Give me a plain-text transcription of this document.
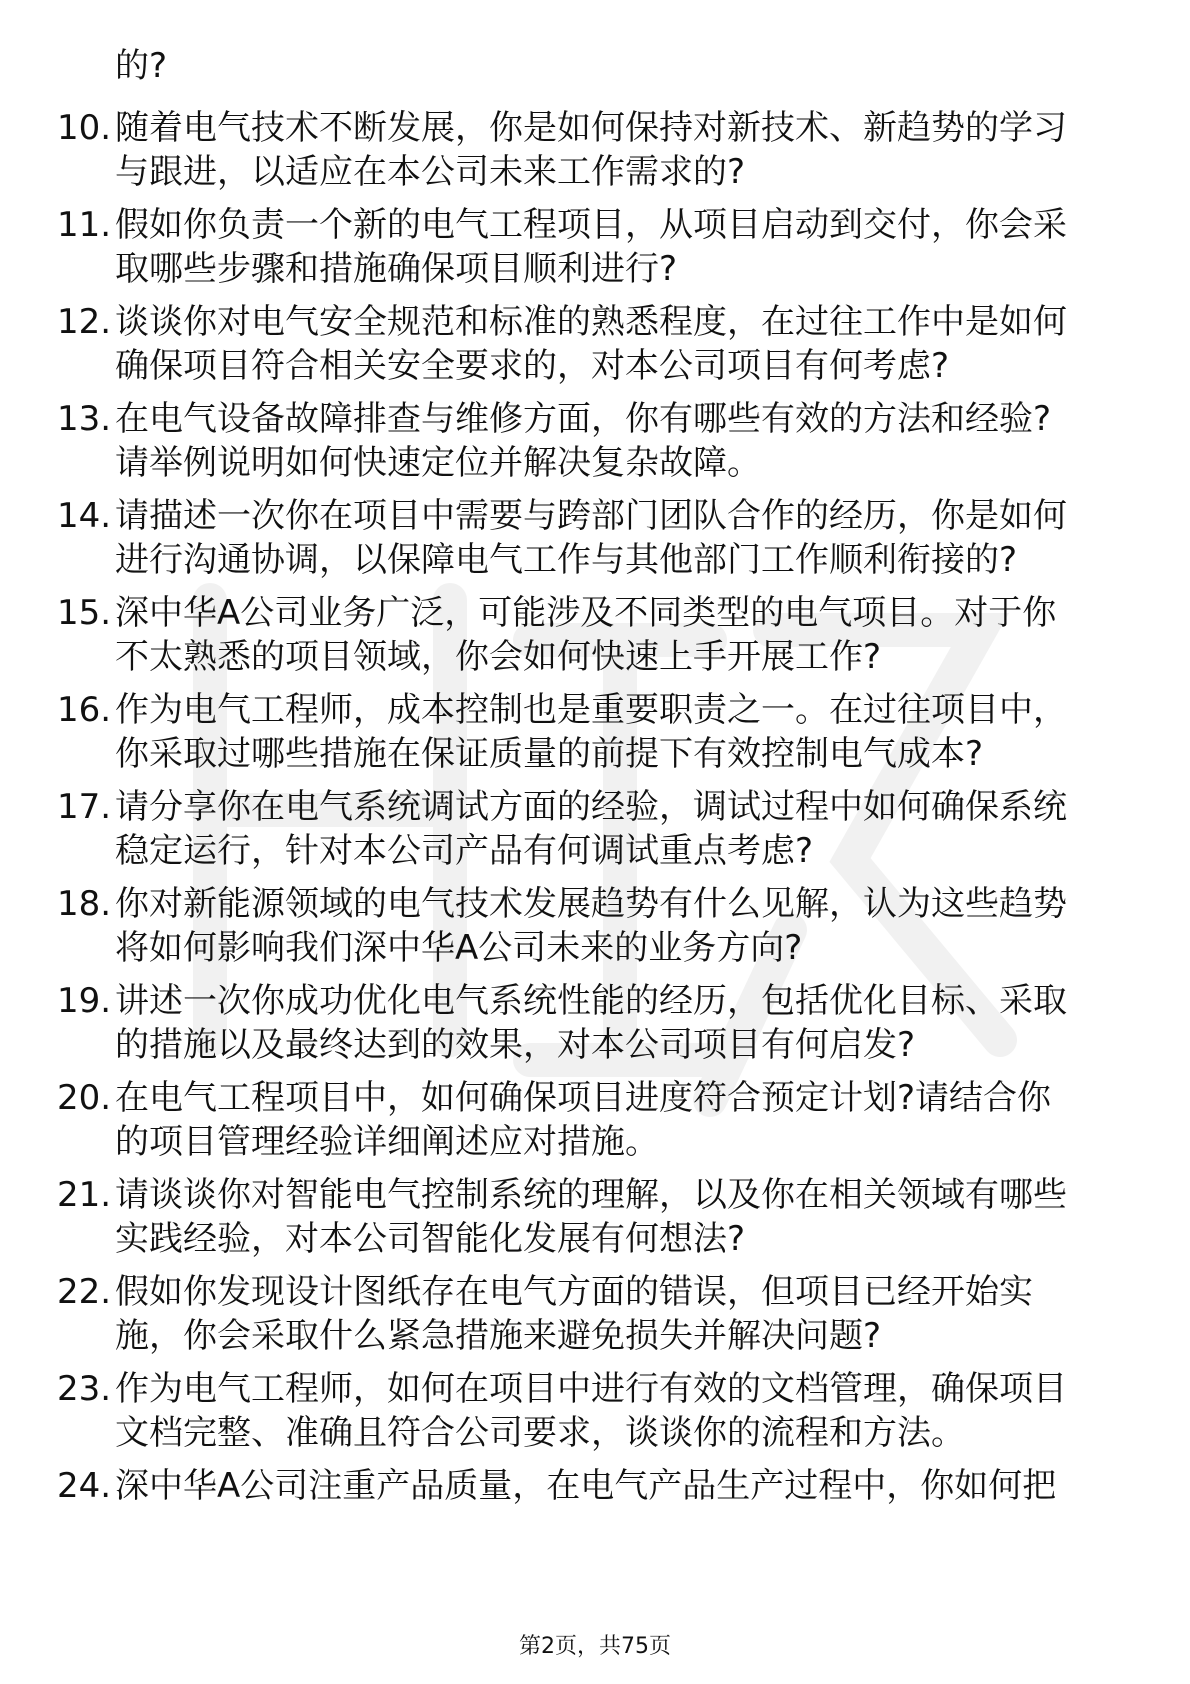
的?
10. 随着电气技术不断发展，你是如何保持对新技术、新趋势的学习
与跟进，以适应在本公司未来工作需求的?
11. 假如你负责一个新的电气工程项目，从项目启动到交付，你会采
取哪些步骤和措施确保项目顺利进行?
12. 谈谈你对电气安全规范和标准的熟悉程度，在过往工作中是如何
确保项目符合相关安全要求的，对本公司项目有何考虑?
13. 在电气设备故障排查与维修方面，你有哪些有效的方法和经验?
请举例说明如何快速定位并解决复杂故障。
14. 请描述一次你在项目中需要与跨部门团队合作的经历，你是如何
进行沟通协调，以保障电气工作与其他部门工作顺利衔接的?
15. 深中华A公司业务广泛，可能涉及不同类型的电气项目。对于你
不太熟悉的项目领域，你会如何快速上手开展工作?
16. 作为电气工程师，成本控制也是重要职责之一。在过往项目中，
你采取过哪些措施在保证质量的前提下有效控制电气成本?
17. 请分享你在电气系统调试方面的经验，调试过程中如何确保系统
稳定运行，针对本公司产品有何调试重点考虑?
18. 你对新能源领域的电气技术发展趋势有什么见解，认为这些趋势
将如何影响我们深中华A公司未来的业务方向?
19. 讲述一次你成功优化电气系统性能的经历，包括优化目标、采取
的措施以及最终达到的效果，对本公司项目有何启发?
20. 在电气工程项目中，如何确保项目进度符合预定计划?请结合你
的项目管理经验详细阐述应对措施。
21. 请谈谈你对智能电气控制系统的理解，以及你在相关领域有哪些
实践经验，对本公司智能化发展有何想法?
22. 假如你发现设计图纸存在电气方面的错误，但项目已经开始实
施，你会采取什么紧急措施来避免损失并解决问题?
23. 作为电气工程师，如何在项目中进行有效的文档管理，确保项目
文档完整、准确且符合公司要求，谈谈你的流程和方法。
24. 深中华A公司注重产品质量，在电气产品生产过程中，你如何把
第2页，共75页
